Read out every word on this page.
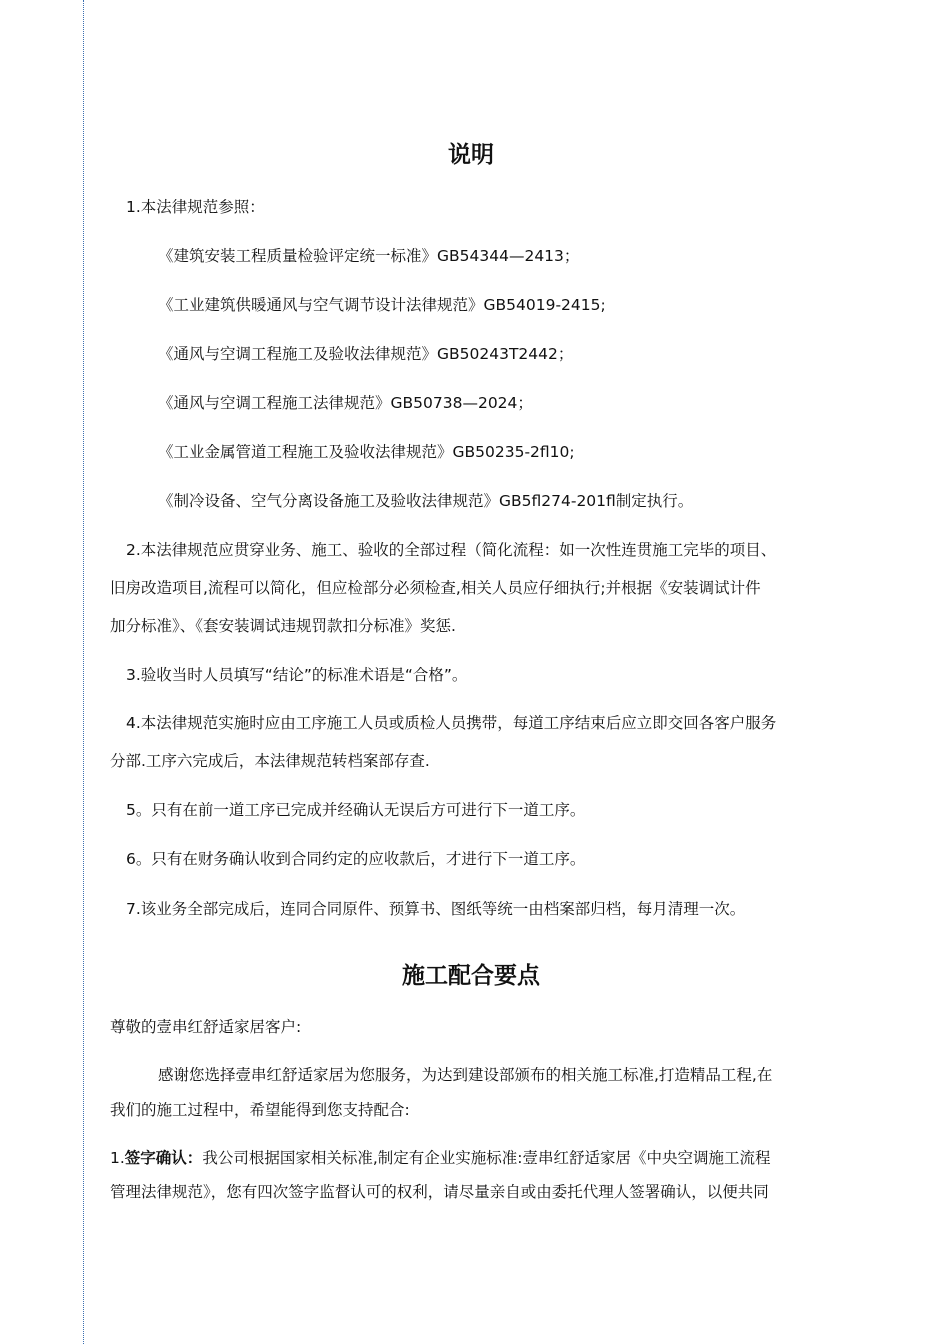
说明
1.本法律规范参照：
《建筑安装工程质量检验评定统一标准》GB54344—2413；
《工业建筑供暖通风与空气调节设计法律规范》GB54019-2415;
《通风与空调工程施工及验收法律规范》GB50243T2442；
《通风与空调工程施工法律规范》GB50738—2024；
《工业金属管道工程施工及验收法律规范》GB50235-2fl10;
《制冷设备、空气分离设备施工及验收法律规范》GB5fl274-201fl制定执行。
2.本法律规范应贯穿业务、施工、验收的全部过程（简化流程：如一次性连贯施工完毕的项目、
旧房改造项目,流程可以简化，但应检部分必须检查,相关人员应仔细执行;并根据《安装调试计件
加分标准》、《套安装调试违规罚款扣分标准》奖惩.
3.验收当时人员填写“结论”的标准术语是“合格”。
4.本法律规范实施时应由工序施工人员或质检人员携带，每道工序结束后应立即交回各客户服务
分部.工序六完成后，本法律规范转档案部存查.
5。只有在前一道工序已完成并经确认无误后方可进行下一道工序。
6。只有在财务确认收到合同约定的应收款后，才进行下一道工序。
7.该业务全部完成后，连同合同原件、预算书、图纸等统一由档案部归档，每月清理一次。
施工配合要点
尊敬的壹串红舒适家居客户:
感谢您选择壹串红舒适家居为您服务，为达到建设部颁布的相关施工标准,打造精品工程,在
我们的施工过程中，希望能得到您支持配合:
1.签字确认：我公司根据国家相关标准,制定有企业实施标准:壹串红舒适家居《中央空调施工流程
管理法律规范》，您有四次签字监督认可的权利，请尽量亲自或由委托代理人签署确认，以便共同
